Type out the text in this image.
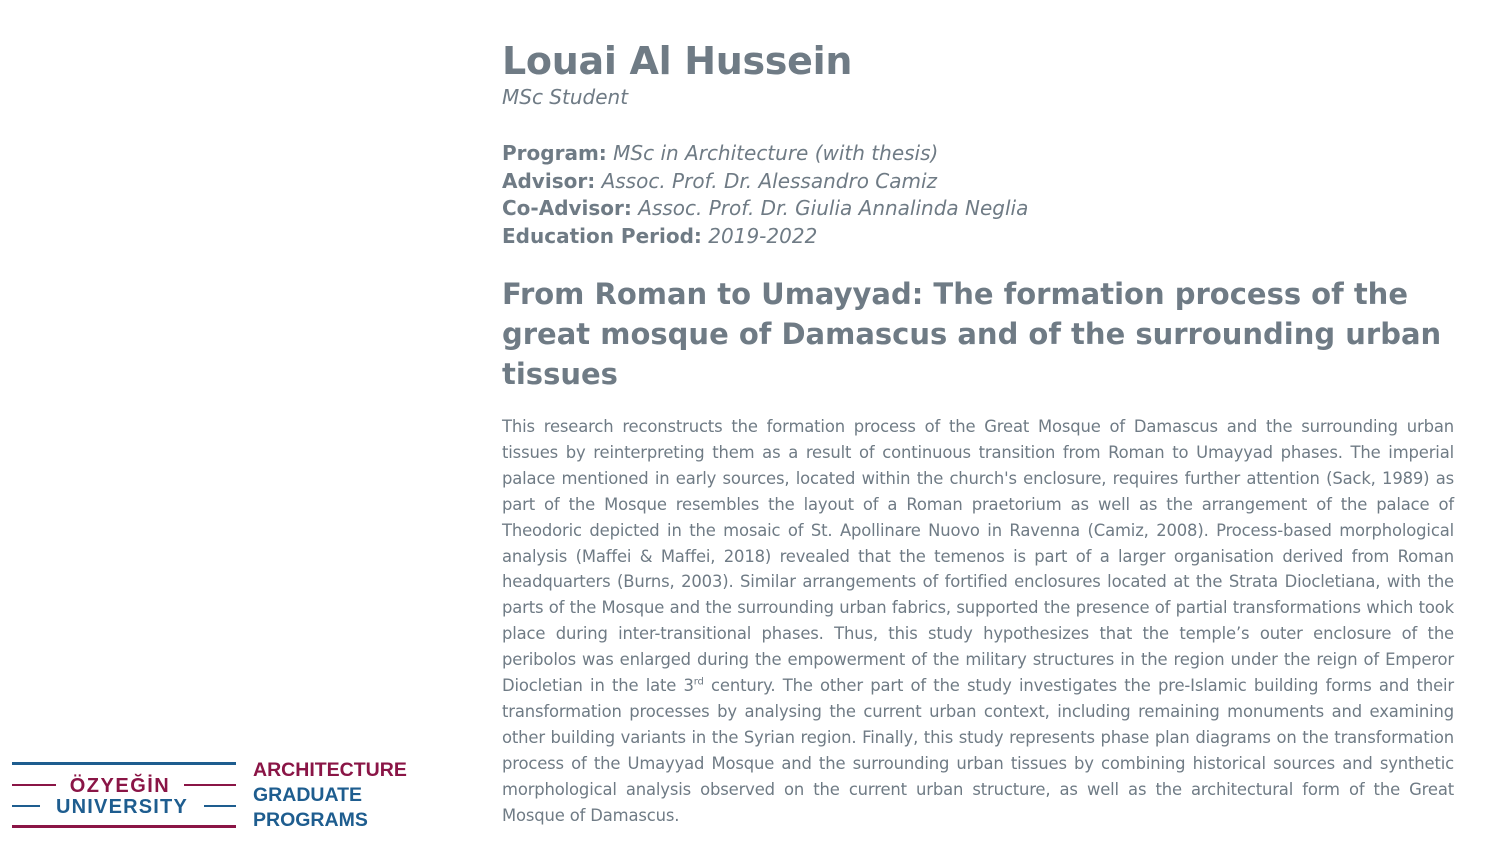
Louai Al Hussein
MSc Student
Program: MSc in Architecture (with thesis)
Advisor: Assoc. Prof. Dr. Alessandro Camiz
Co-Advisor: Assoc. Prof. Dr. Giulia Annalinda Neglia
Education Period: 2019-2022
From Roman to Umayyad: The formation process of the great mosque of Damascus and of the surrounding urban tissues

This research reconstructs the formation process of the Great Mosque of Damascus and the surrounding urban tissues by reinterpreting them as a result of continuous transition from Roman to Umayyad phases. The imperial palace mentioned in early sources, located within the church's enclosure, requires further attention (Sack, 1989) as part of the Mosque resembles the layout of a Roman praetorium as well as the arrangement of the palace of Theodoric depicted in the mosaic of St. Apollinare Nuovo in Ravenna (Camiz, 2008). Process-based morphological analysis (Maffei & Maffei, 2018) revealed that the temenos is part of a larger organisation derived from Roman headquarters (Burns, 2003). Similar arrangements of fortified enclosures located at the Strata Diocletiana, with the parts of the Mosque and the surrounding urban fabrics, supported the presence of partial transformations which took place during inter-transitional phases. Thus, this study hypothesizes that the temple’s outer enclosure of the peribolos was enlarged during the empowerment of the military structures in the region under the reign of Emperor Diocletian in the late 3rd century. The other part of the study investigates the pre-Islamic building forms and their transformation processes by analysing the current urban context, including remaining monuments and examining other building variants in the Syrian region. Finally, this study represents phase plan diagrams on the transformation process of the Umayyad Mosque and the surrounding urban tissues by combining historical sources and synthetic morphological analysis observed on the current urban structure, as well as the architectural form of the Great Mosque of Damascus.

ÖZYEĞİN
UNIVERSITY
ARCHITECTURE
GRADUATE
PROGRAMS
